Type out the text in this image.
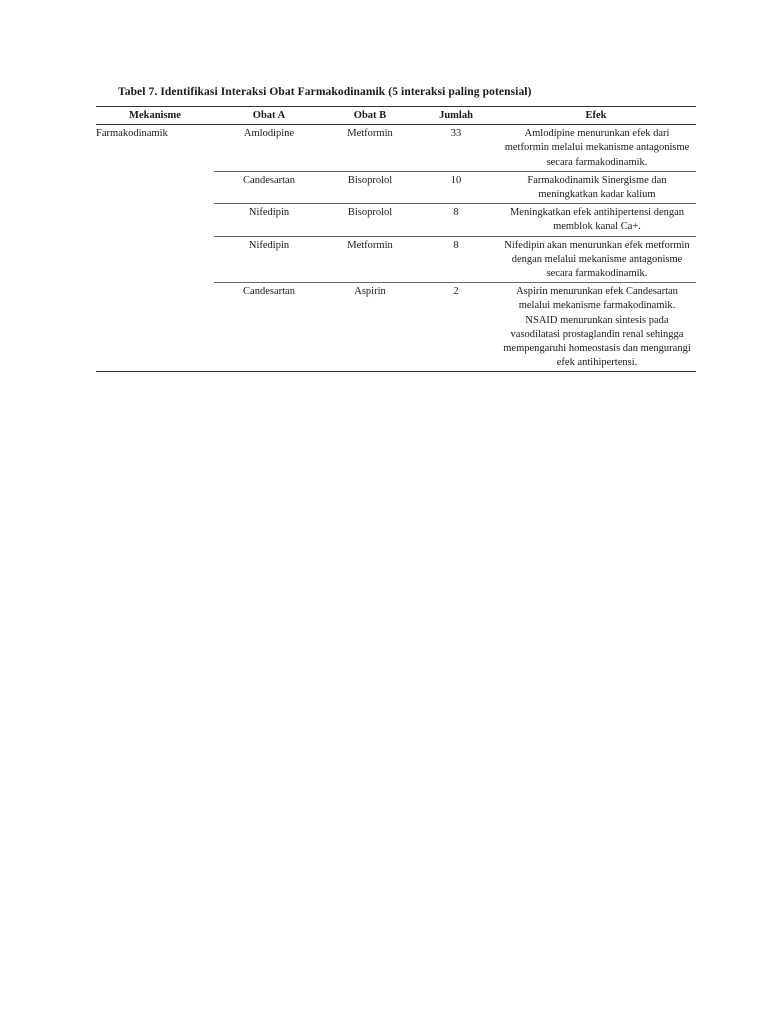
Tabel 7. Identifikasi Interaksi Obat Farmakodinamik (5 interaksi paling potensial)
Mekanisme	Obat A	Obat B	Jumlah	Efek
Farmakodinamik	Amlodipine	Metformin	33	Amlodipine menurunkan efek dari metformin melalui mekanisme antagonisme secara farmakodinamik.
	Candesartan	Bisoprolol	10	Farmakodinamik Sinergisme dan meningkatkan kadar kalium
	Nifedipin	Bisoprolol	8	Meningkatkan efek antihipertensi dengan memblok kanal Ca+.
	Nifedipin	Metformin	8	Nifedipin akan menurunkan efek metformin dengan melalui mekanisme antagonisme secara farmakodinamik.
	Candesartan	Aspirin	2	Aspirin menurunkan efek Candesartan melalui mekanisme farmakodinamik. NSAID menurunkan sintesis pada vasodilatasi prostaglandin renal sehingga mempengaruhi homeostasis dan mengurangi efek antihipertensi.
